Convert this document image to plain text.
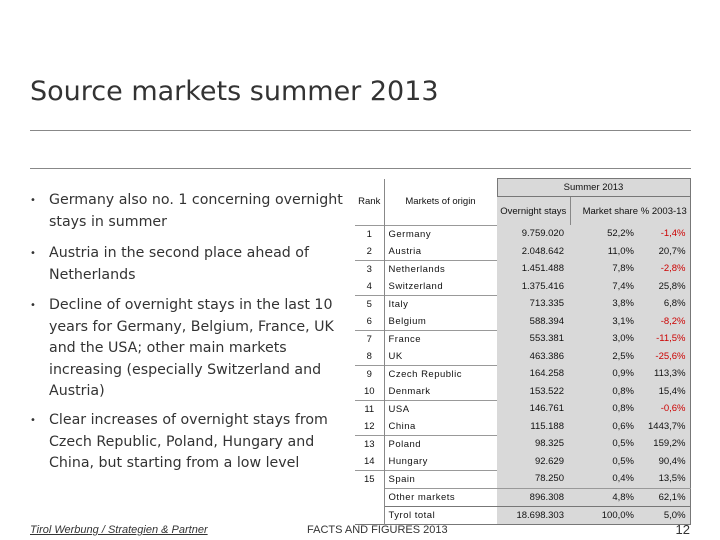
Source markets summer 2013
• Germany also no. 1 concerning overnight stays in summer
• Austria in the second place ahead of Netherlands
• Decline of overnight stays in the last 10 years for Germany, Belgium, France, UK and the USA; other main markets increasing (especially Switzerland and Austria)
• Clear increases of overnight stays from Czech Republic, Poland, Hungary and China, but starting from a low level
Rank	Markets of origin	Summer 2013		
		Overnight stays	Market share	% 2003-13
1	Germany	9.759.020	52,2%	-1,4%
2	Austria	2.048.642	11,0%	20,7%
3	Netherlands	1.451.488	7,8%	-2,8%
4	Switzerland	1.375.416	7,4%	25,8%
5	Italy	713.335	3,8%	6,8%
6	Belgium	588.394	3,1%	-8,2%
7	France	553.381	3,0%	-11,5%
8	UK	463.386	2,5%	-25,6%
9	Czech Republic	164.258	0,9%	113,3%
10	Denmark	153.522	0,8%	15,4%
11	USA	146.761	0,8%	-0,6%
12	China	115.188	0,6%	1443,7%
13	Poland	98.325	0,5%	159,2%
14	Hungary	92.629	0,5%	90,4%
15	Spain	78.250	0,4%	13,5%
	Other markets	896.308	4,8%	62,1%
	Tyrol total	18.698.303	100,0%	5,0%
Tirol Werbung / Strategien & Partner	FACTS AND FIGURES 2013	12
